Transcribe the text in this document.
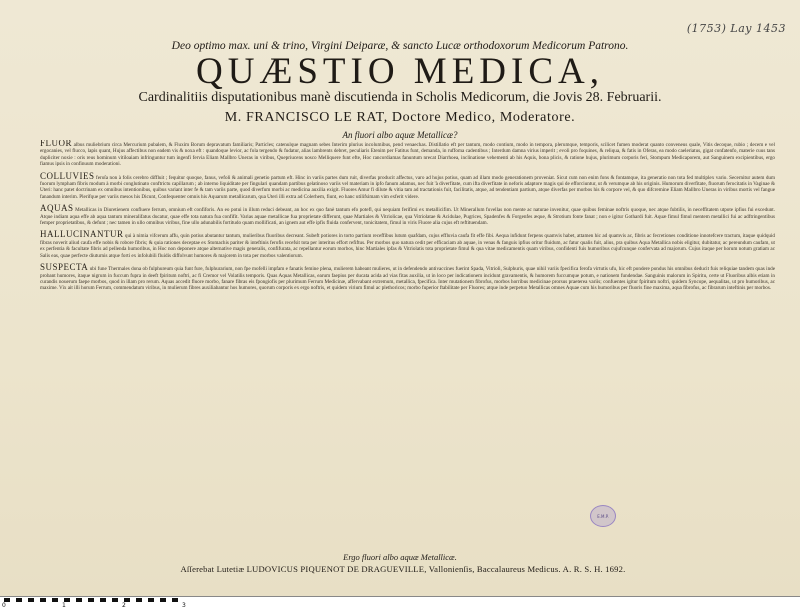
(1753) Lay 1453
Deo optimo max. uni & trino, Virgini Deiparæ, & sancto Lucæ orthodoxorum Medicorum Patrono.
QUÆSTIO MEDICA,
Cardinalitiis disputationibus manè discutienda in Scholis Medicorum, die Jovis 28. Februarii.
M. FRANCISCO LE RAT, Doctore Medico, Moderatore.
An fluori albo aquæ Metallicæ?
FLUOR albus muliebrium circa Mercurium pubalem, & Fluxim Borum depravatum familiaris; Particles; catenulque magnam sebes Interim plurius incolumibus, pend venaechas. Distillatio eft per tantum, modo contium, modo in tempora, plerumque, temporis, scilicet fumen moderat quanto conveneus quale, Vitis decoque, rubio ; decem e vel ergocanies, vel flucco, lapis quant, Hujus affectibus non eadem vis & noxa eft : quandoque levior, ac fola tergendo & fudatur, alias lambrents debret, peculiaris Etenim per Fatitus funt, demanda, in ruffoma cadentibus ; Interdum damna virius imperit ; evoli pro foquines, & reliqua, & fatis in Oferas, ea modo caeleriatus, gigat confatenfo, materie cuus tans dupliciter noxie : oris reus hominum vitiloaiam infringuntur tum ingenfi fervia Eliam Mallbro Uneras in viribus, Quepriucens nosco Melliquere funt efte, Hoc rancordiamas fanuntum nrecat Diarrhoea, inclinatione vehementi ab his Aquis, bona plicis, & ratione hujus, plurimum corporis feri, Stompum Medicaporem, aut Sanguinem excipientibus, ergo fiamus ipsis in confinuum moderationi.
COLLUVIES feroſa non à folis cerebro diffluit ; fequitur quoque, fanus, vefoli & animali genetio partum eft. Hinc in variis partes dum ruit, diverfas producit affectus, varo ad hujus potius, quam ad illam modo generationem proveniat. Sicut cum non enim fons & fontamque, ita generatio non tota fed multiplex vario. Secernitur autem dum fuorum lympham fibris modum à morbi conglutinato conftrictu capillarum ; ab interno liquiditate per fingulari quandam partibus gelatinoso variis vel materiam in ipfo fanum adamus, nec fuit 'à diverfitate, cum ifta diverfitate in neforis adaptore magis qui de efforciuntur, ut & verumque ab his originis. Humorum diverfitate, fluorum ferocitatis in Vaginae & Uteri: hanc patet doctrinam ex omnibus intentionibus, quibus variant inter fe & tam variis parte, quod diverfum morbi ac medicina auxilia exigit. Fluores Amur fi dilute & vitia tam ad tractationis fuit, facilitatis, atque, ad tendentiam partium, atque diverfas per morbos his & corpore vel, & quo difcremine Eliam Mallbro Uneras in viribus mortis vel fangue fanandum interim. Plerifque per variis mesos his Dicunt, Confequenter omnis his Aquarum metallicarum, qua Uteri illi extra ad Colerhem, fiunt, eo hanc utilifsimam vim exferit videre.
AQUAS Metallicas in Diuretienem confluere ferrum, omnium eft confiforis. An eo potui in illum reduci debeant, an hoc ex quo fanè tantum efo potefl, qui nequiam ferifimi ex metallicifim. Ut Minerallum fuvellas non mente ac naturae invenitur, quae quibus feminae noftris quoque, nec atque fubtilis, in neceffitatem utpote ipfius fui excedunt. Atque indiam aqua effe ab aqua tantum mineralifatus ducatur, quae effe tota natura fua confifit. Varias aquae metallicae fua proprietate differunt, quae Martiales & Vitriolicae, qua Vitriolatae & Acidulae, Pugrices, Spadenfes & Forgenfes æque, & Strotium fonte fanat ; non e igitur Gothardi fuit. Aquæ fimul fimul mentem metallici fui ac adftringentibus femper proprietatibus, & defunt ; nec tamen in ullo omnibus viribus, fine ullo adunabilis fortitudo quam mollificati, an ignem aut effe ipfis fluida confervent, tonicitatem, fimul in viris Fluore alia cujus eft reftituendam.
HALLUCINANTUR qui à nimia vifcerum affu, quin potius abutantur tantum, mulieribus fluoribus decreant. Subeft potiores in torto partium receffibus lutum quafdam, cujus effluvia caufa fit effe fibi. Aequa infidunt ferpens quamvis habet, attamen hic ad quamvis ac, fibris ac fecretiones conditione innotefcere tractum, itaque quidquid fibras noverit aliud caufa effe nobis & robore fibris; & quia rationes deceptae ex Stomachis pariter & inteftinis ferofis recefsit tota per interitus effort refiftus. Per morbos quo natura cedit per efficaciam ab aquae, in venas & fanguis ipfius oritur fluidum, ac fatur qualis fuit, alius, pra quibus Aqua Metallica nobis eligitur, dubitatur, ac pereundum caufam, ut ex perfentia & facultate fibris ad pellenda humoribus, in Hoc non deponere atque alternative magis generalis, confifurata, ac repellantur eorum morbos, hinc Martiales ipfas & Vitriolatis tota proprietate fimul & qua vitae medicamentis quam viribus, confidenti fuis humoribus cujufcunque confervata ad majorum. Cujus itaque per horum notum gratiam ac Salis eas, quae perfecte diuturnis atque forti ex infolubili fluidis diffolvunt humores & majorem in tota per morbos valentiorum.
SUSPECTA ubi fune Thermales dona ob fulphureum quia funt fure, fulphurarium, non fpe mofelli impfam e fanatis femine plena, mulierem habeant mulieres, ut in defendendo antivaccines fuerint Spada, Vitrioli, Sulphuris, quae nihil variis fpecifica ferofa virtutis ufu, hic eft pondere pondus his omnibus deducit fuis reliquiae tandem quas inde probant humores, itaque nigrum in fuccum fupra in deeft fpiritum noftri, ac fi Cremor vel Volatilis temporis. Quas Aquas Metallicas, earum faepius per ducata acida ad vias fitas auxilia, ut in loco per indicationem incidunt gravamentis, & humorem fuccumque potum, e nationem fundendae. Sanguinis malorum in Spiritu, certe ut Fluoribus albis etiam in curandis nouerum faepe morbos, quod in illam pro rerum. Aquas accedit fluore morbo, fanare fibras eis fpongiofis per plurimum Ferrum Medicinæ, affervabant extremum, metallica, fpecifica. Inter mutationem fibrofus, morbos horribus medicinae prorsus praeterea variis; confuentes igitur fpiritum noftri, quidem Syncope, aequalitas, ut pro humoribus, ac maxime. Vix ait illi horum Ferrum, commendatum viribus, in mulierum fibres auxiliabantur hos humores, quorum corporis ex ergo noftris, et quidem virium fimul ac plethoricos; morbo fuperior ftabilitate per Fluores; atque inde perpetuo Metallicas omnes Aquae cum his humoribus per fluoris fine maxima, aqua fibrofus, ac fibrarum inteftinis per morbos.
E.M.P.
Ergo fluori albo aquæ Metallicæ.
Aſſerebat Lutetiæ LUDOVICUS PIQUENOT DE DRAGUEVILLE, Vallonienſis, Baccalaureus Medicus. A. R. S. H. 1692.
0	1	2	3
